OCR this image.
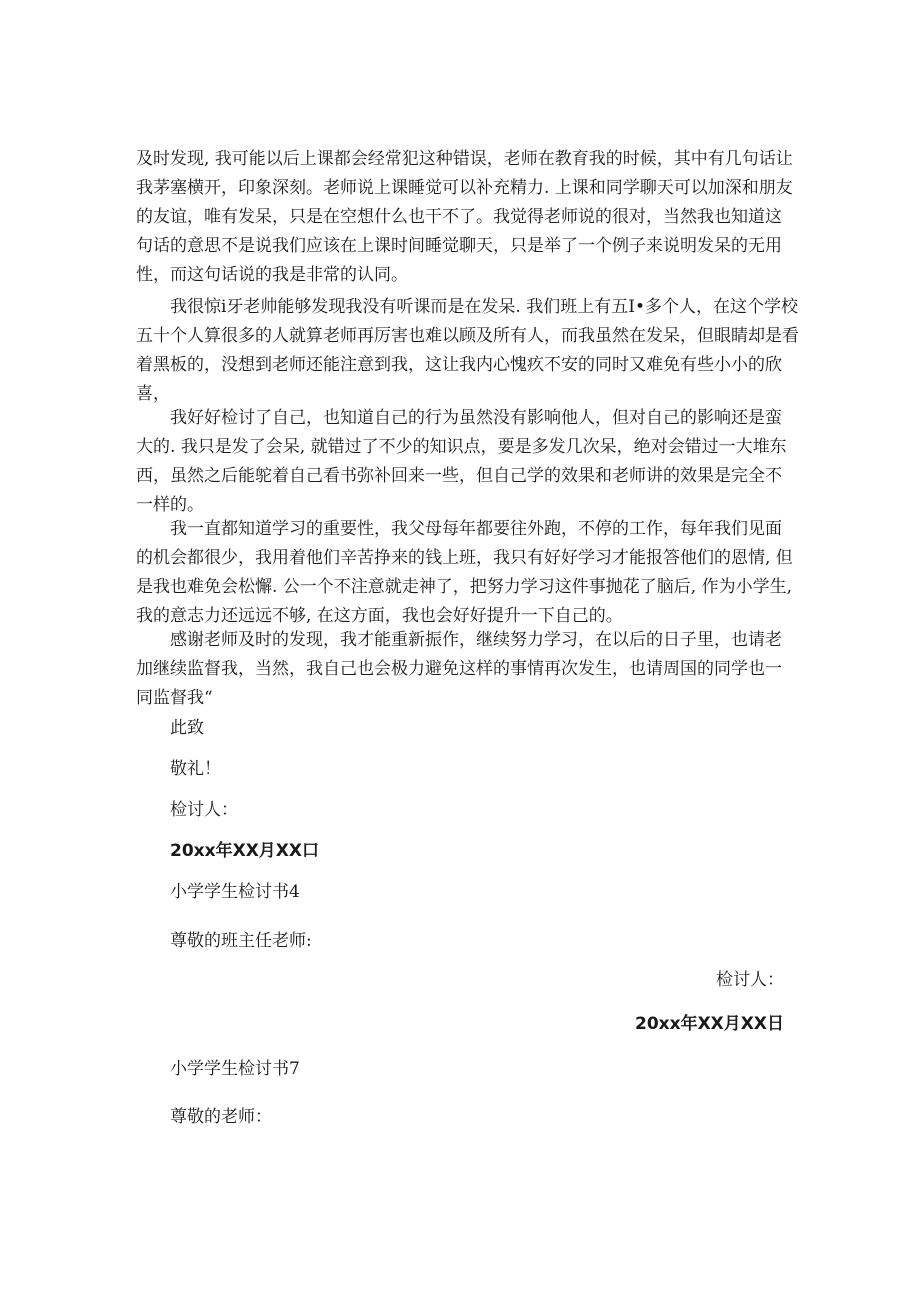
及时发现, 我可能以后上课都会经常犯这种错误，老师在教育我的时候，其中有几句话让
我茅塞横开，印象深刻。老师说上课睡觉可以补充精力. 上课和同学聊天可以加深和朋友
的友谊，唯有发呆，只是在空想什么也干不了。我觉得老师说的很对，当然我也知道这
句话的意思不是说我们应该在上课时间睡觉聊天，只是举了一个例子来说明发呆的无用
性，而这句话说的我是非常的认同。

我很惊i牙老帅能够发现我没有听课而是在发呆. 我们班上有五I•多个人，在这个学校
五十个人算很多的人就算老师再厉害也难以顾及所有人，而我虽然在发呆，但眼睛却是看
着黑板的，没想到老师还能注意到我，这让我内心愧疚不安的同时又难免有些小小的欣
喜，

我好好检讨了自己，也知道自己的行为虽然没有影响他人，但对自己的影响还是蛮
大的. 我只是发了会呆, 就错过了不少的知识点，要是多发几次呆，绝对会错过一大堆东
西，虽然之后能鸵着自己看书弥补回来一些，但自己学的效果和老师讲的效果是完全不
一样的。

我一直都知道学习的重要性，我父母每年都要往外跑，不停的工作，每年我们见面
的机会都很少，我用着他们辛苦挣来的钱上班，我只有好好学习才能报答他们的恩情, 但
是我也难免会松懈. 公一个不注意就走神了，把努力学习这件事抛花了脑后, 作为小学生,
我的意志力还远远不够, 在这方面，我也会好好提升一下自己的。

感谢老师及时的发现，我才能重新振作，继续努力学习，在以后的日子里，也请老
加继续监督我，当然，我自己也会极力避免这样的事情再次发生，也请周国的同学也一
同监督我“

此致

敬礼！

检讨人：

20xx年XX月XX口

小学学生检讨书4

尊敬的班主任老师:

检讨人：

20xx年XX月XX日

小学学生检讨书7

尊敬的老师：
